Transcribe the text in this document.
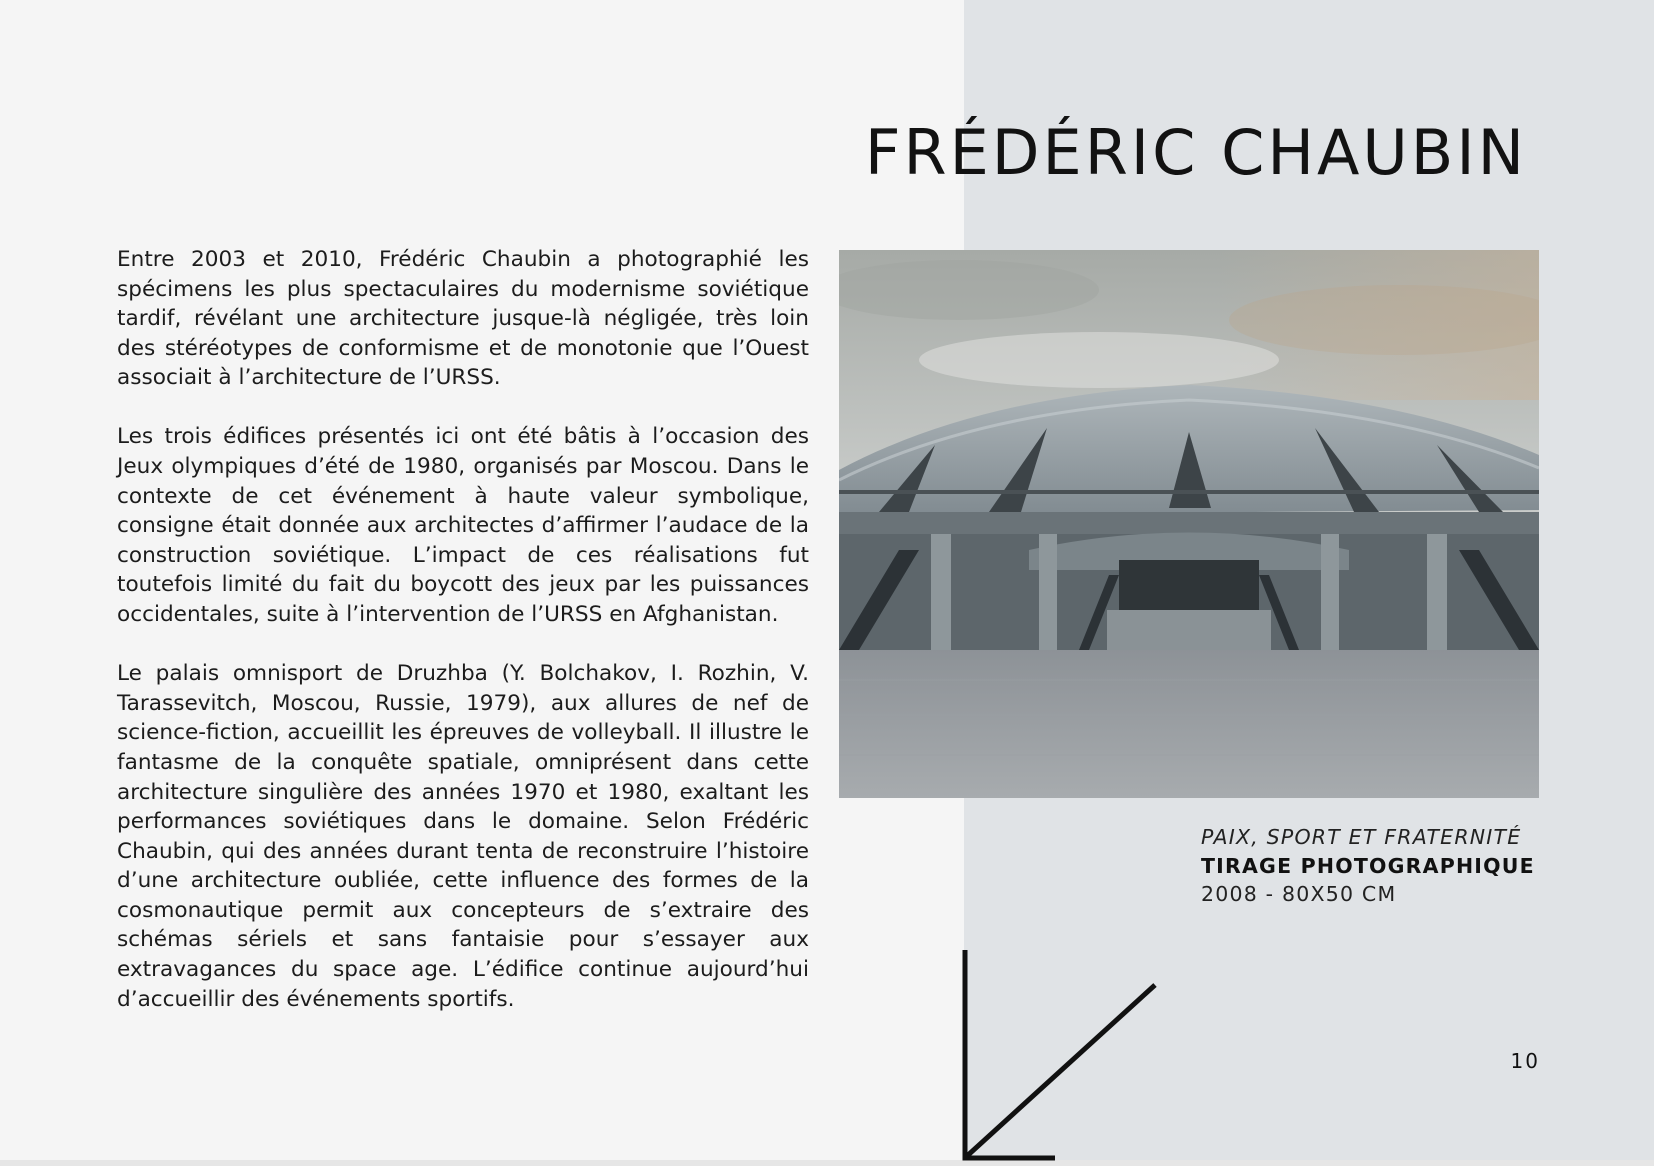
FRÉDÉRIC CHAUBIN

Entre 2003 et 2010, Frédéric Chaubin a photographié les spécimens les plus spectaculaires du modernisme soviétique tardif, révélant une architecture jusque-là négligée, très loin des stéréotypes de conformisme et de monotonie que l’Ouest associait à l’architecture de l’URSS.

Les trois édifices présentés ici ont été bâtis à l’occasion des Jeux olympiques d’été de 1980, organisés par Moscou. Dans le contexte de cet événement à haute valeur symbolique, consigne était donnée aux architectes d’affirmer l’audace de la construction soviétique. L’impact de ces réalisations fut toutefois limité du fait du boycott des jeux par les puissances occidentales, suite à l’intervention de l’URSS en Afghanistan.

Le palais omnisport de Druzhba (Y. Bolchakov, I. Rozhin, V. Tarassevitch, Moscou, Russie, 1979), aux allures de nef de science-fiction, accueillit les épreuves de volleyball. Il illustre le fantasme de la conquête spatiale, omniprésent dans cette architecture singulière des années 1970 et 1980, exaltant les performances soviétiques dans le domaine. Selon Frédéric Chaubin, qui des années durant tenta de reconstruire l’histoire d’une architecture oubliée, cette influence des formes de la cosmonautique permit aux concepteurs de s’extraire des schémas sériels et sans fantaisie pour s’essayer aux extravagances du space age. L’édifice continue aujourd’hui d’accueillir des événements sportifs.

PAIX, SPORT ET FRATERNITÉ
TIRAGE PHOTOGRAPHIQUE
2008 - 80X50 CM
10
